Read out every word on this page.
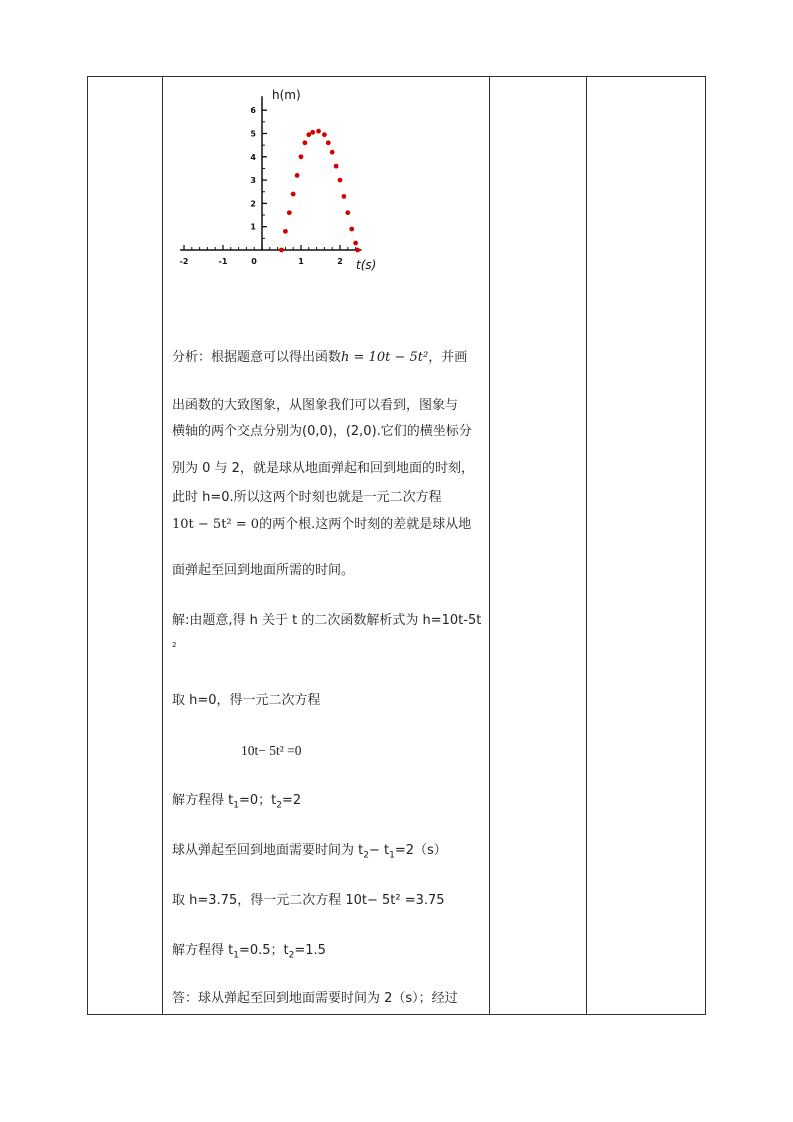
-2	-1	0	1	2
1
2
3
4
5
6
h(m)
t(s)

分析：根据题意可以得出函数h = 10t − 5t²，并画

出函数的大致图象，从图象我们可以看到，图象与

横轴的两个交点分别为(0,0)，(2,0).它们的横坐标分

别为 0 与 2，就是球从地面弹起和回到地面的时刻，

此时 h=0.所以这两个时刻也就是一元二次方程

10t − 5t² = 0的两个根.这两个时刻的差就是球从地

面弹起至回到地面所需的时间。

解:由题意,得 h 关于 t 的二次函数解析式为 h=10t-5t

2

取 h=0，得一元二次方程

10t− 5t² =0

解方程得 $t_1=0$；$t_2=2$

球从弹起至回到地面需要时间为 $t_2- t_1=2(s)$

取 h=3.75，得一元二次方程 10t− 5t² =3.75

解方程得 $t_1=0.5$；$t_2=1.5$

答：球从弹起至回到地面需要时间为 2（s）；经过
